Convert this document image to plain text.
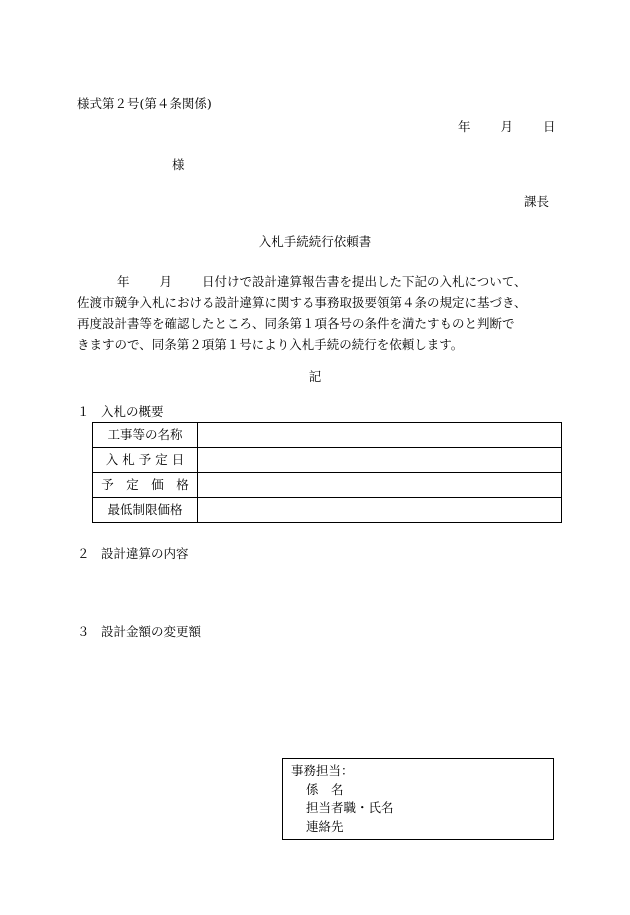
様式第２号(第４条関係)
年 月 日
様
課長
入札手続続行依頼書

年 月 日付けで設計違算報告書を提出した下記の入札について、

佐渡市競争入札における設計違算に関する事務取扱要領第４条の規定に基づき、

再度設計書等を確認したところ、同条第１項各号の条件を満たすものと判断で

きますので、同条第２項第１号により入札手続の続行を依頼します。

記
１ 入札の概要
工事等の名称	
入 札 予 定 日	
予　定　価　格	
最低制限価格	
２ 設計違算の内容
３ 設計金額の変更額
事務担当：
係　名
担当者職・氏名
連絡先
